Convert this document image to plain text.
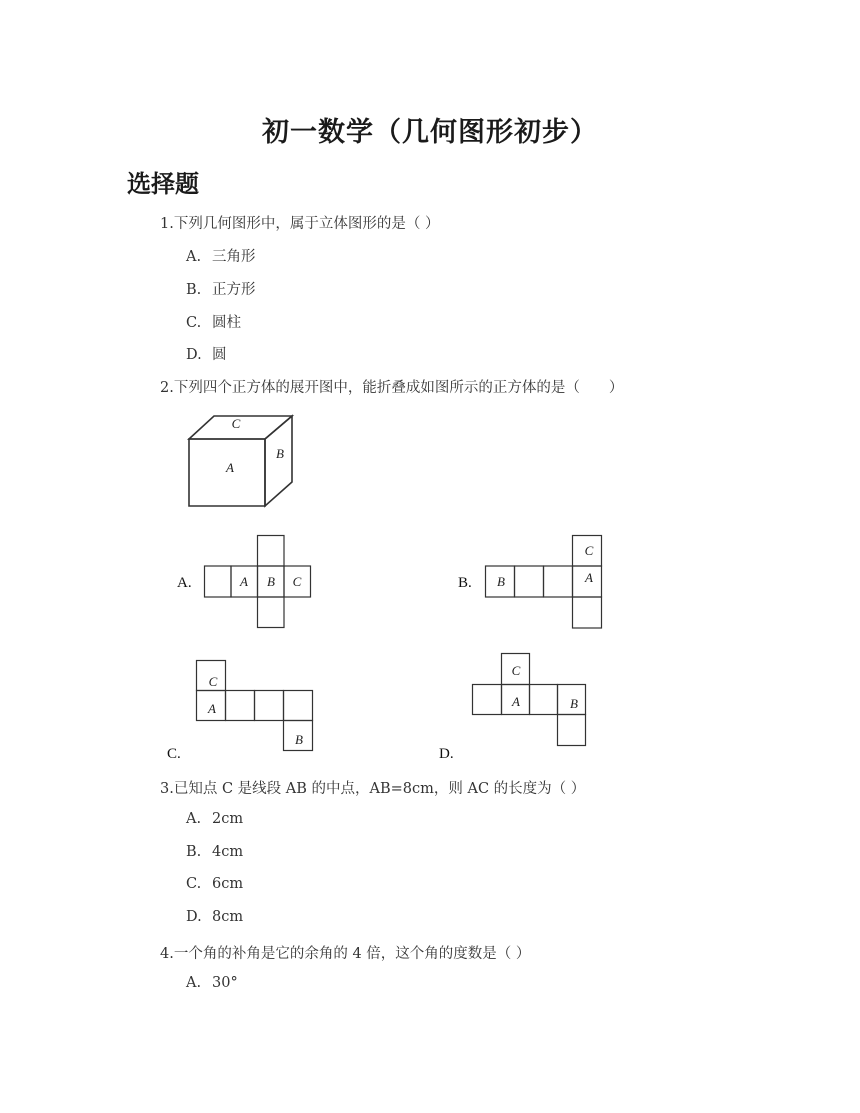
初一数学（几何图形初步）
选择题
1.下列几何图形中，属于立体图形的是（ ）
A. 三角形
B. 正方形
C. 圆柱
D. 圆
2.下列四个正方体的展开图中，能折叠成如图所示的正方体的是（　　）
C
A
B
A.	A B C	B.
C
B	A
C
A
B
C.
C
A	B
D.
3.已知点 C 是线段 AB 的中点，AB=8cm，则 AC 的长度为（ ）
A. 2cm
B. 4cm
C. 6cm
D. 8cm
4.一个角的补角是它的余角的 4 倍，这个角的度数是（ ）
A. 30°
